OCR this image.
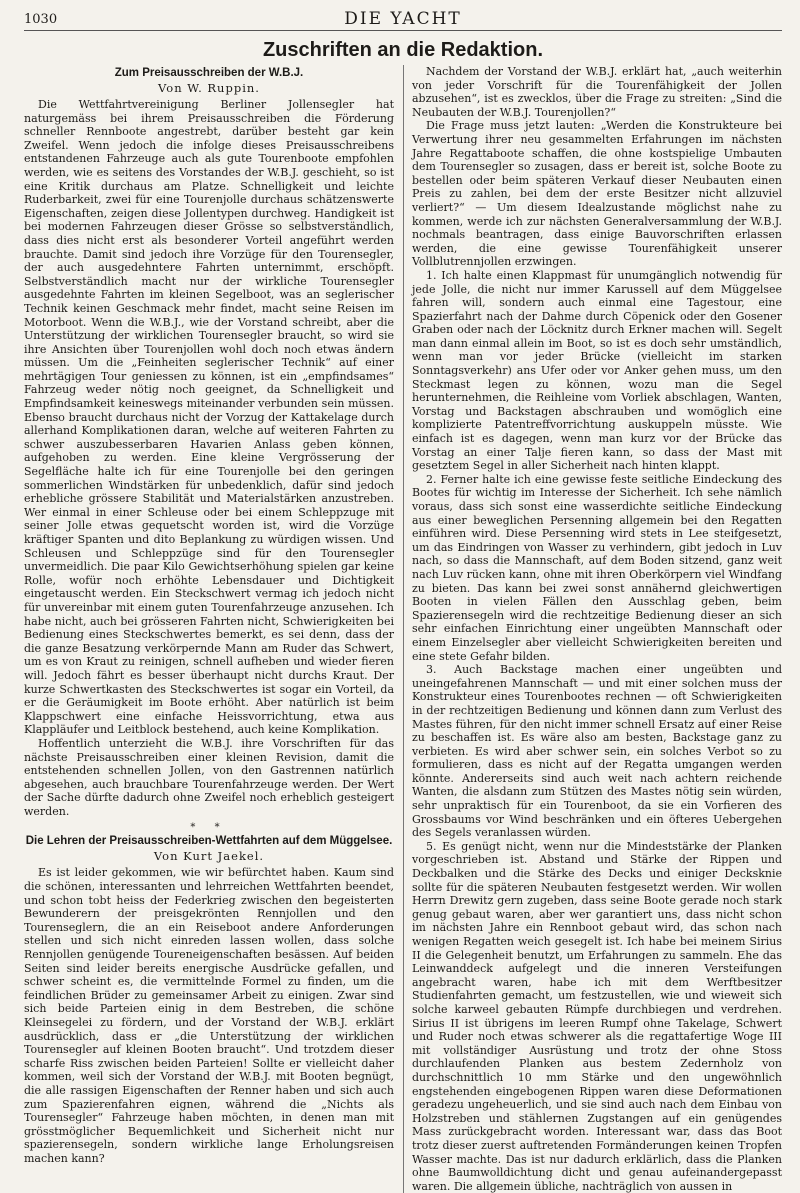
1030	DIE YACHT
Zuschriften an die Redaktion.
Zum Preisausschreiben der W.B.J.
Von W. Ruppin.

Die Wettfahrtvereinigung Berliner Jollensegler hat naturgemäss bei ihrem Preisausschreiben die Förderung schneller Rennboote angestrebt, darüber besteht gar kein Zweifel. Wenn jedoch die infolge dieses Preisausschreibens entstandenen Fahrzeuge auch als gute Tourenboote empfohlen werden, wie es seitens des Vorstandes der W.B.J. geschieht, so ist eine Kritik durchaus am Platze. Schnelligkeit und leichte Ruderbarkeit, zwei für eine Tourenjolle durchaus schätzenswerte Eigenschaften, zeigen diese Jollentypen durchweg. Handigkeit ist bei modernen Fahrzeugen dieser Grösse so selbstverständlich, dass dies nicht erst als besonderer Vorteil angeführt werden brauchte. Damit sind jedoch ihre Vorzüge für den Tourensegler, der auch ausgedehntere Fahrten unternimmt, erschöpft. Selbstverständlich macht nur der wirkliche Tourensegler ausgedehnte Fahrten im kleinen Segelboot, was an seglerischer Technik keinen Geschmack mehr findet, macht seine Reisen im Motorboot. Wenn die W.B.J., wie der Vorstand schreibt, aber die Unterstützung der wirklichen Tourensegler braucht, so wird sie ihre Ansichten über Tourenjollen wohl doch noch etwas ändern müssen. Um die „Feinheiten seglerischer Technik“ auf einer mehrtägigen Tour geniessen zu können, ist ein „empfindsames“ Fahrzeug weder nötig noch geeignet, da Schnelligkeit und Empfindsamkeit keineswegs miteinander verbunden sein müssen. Ebenso braucht durchaus nicht der Vorzug der Kattakelage durch allerhand Komplikationen daran, welche auf weiteren Fahrten zu schwer auszubesserbaren Havarien Anlass geben können, aufgehoben zu werden. Eine kleine Vergrösserung der Segelfläche halte ich für eine Tourenjolle bei den geringen sommerlichen Windstärken für unbedenklich, dafür sind jedoch erhebliche grössere Stabilität und Materialstärken anzustreben. Wer einmal in einer Schleuse oder bei einem Schleppzuge mit seiner Jolle etwas gequetscht worden ist, wird die Vorzüge kräftiger Spanten und dito Beplankung zu würdigen wissen. Und Schleusen und Schleppzüge sind für den Tourensegler unvermeidlich. Die paar Kilo Gewichtserhöhung spielen gar keine Rolle, wofür noch erhöhte Lebensdauer und Dichtigkeit eingetauscht werden. Ein Steckschwert vermag ich jedoch nicht für unvereinbar mit einem guten Tourenfahrzeuge anzusehen. Ich habe nicht, auch bei grösseren Fahrten nicht, Schwierigkeiten bei Bedienung eines Steckschwertes bemerkt, es sei denn, dass der die ganze Besatzung verkörpernde Mann am Ruder das Schwert, um es von Kraut zu reinigen, schnell aufheben und wieder fieren will. Jedoch fährt es besser überhaupt nicht durchs Kraut. Der kurze Schwertkasten des Steckschwertes ist sogar ein Vorteil, da er die Geräumigkeit im Boote erhöht. Aber natürlich ist beim Klappschwert eine einfache Heissvorrichtung, etwa aus Klappläufer und Leitblock bestehend, auch keine Komplikation.

Hoffentlich unterzieht die W.B.J. ihre Vorschriften für das nächste Preisausschreiben einer kleinen Revision, damit die entstehenden schnellen Jollen, von den Gastrennen natürlich abgesehen, auch brauchbare Tourenfahrzeuge werden. Der Wert der Sache dürfte dadurch ohne Zweifel noch erheblich gesteigert werden.

* *
Die Lehren der Preisausschreiben-Wettfahrten auf dem Müggelsee.
Von Kurt Jaekel.

Es ist leider gekommen, wie wir befürchtet haben. Kaum sind die schönen, interessanten und lehrreichen Wettfahrten beendet, und schon tobt heiss der Federkrieg zwischen den begeisterten Bewunderern der preisgekrönten Rennjollen und den Tourenseglern, die an ein Reiseboot andere Anforderungen stellen und sich nicht einreden lassen wollen, dass solche Rennjollen genügende Toureneigenschaften besässen. Auf beiden Seiten sind leider bereits energische Ausdrücke gefallen, und schwer scheint es, die vermittelnde Formel zu finden, um die feindlichen Brüder zu gemeinsamer Arbeit zu einigen. Zwar sind sich beide Parteien einig in dem Bestreben, die schöne Kleinsegelei zu fördern, und der Vorstand der W.B.J. erklärt ausdrücklich, dass er „die Unterstützung der wirklichen Tourensegler auf kleinen Booten braucht“. Und trotzdem dieser scharfe Riss zwischen beiden Parteien! Sollte er vielleicht daher kommen, weil sich der Vorstand der W.B.J. mit Booten begnügt, die alle rassigen Eigenschaften der Renner haben und sich auch zum Spazierenfahren eignen, während die „Nichts als Tourensegler“ Fahrzeuge haben möchten, in denen man mit grösstmöglicher Bequemlichkeit und Sicherheit nicht nur spazierensegeln, sondern wirkliche lange Erholungsreisen machen kann?

Nachdem der Vorstand der W.B.J. erklärt hat, „auch weiterhin von jeder Vorschrift für die Tourenfähigkeit der Jollen abzusehen“, ist es zwecklos, über die Frage zu streiten: „Sind die Neubauten der W.B.J. Tourenjollen?“

Die Frage muss jetzt lauten: „Werden die Konstrukteure bei Verwertung ihrer neu gesammelten Erfahrungen im nächsten Jahre Regattaboote schaffen, die ohne kostspielige Umbauten dem Tourensegler so zusagen, dass er bereit ist, solche Boote zu bestellen oder beim späteren Verkauf dieser Neubauten einen Preis zu zahlen, bei dem der erste Besitzer nicht allzuviel verliert?“ — Um diesem Idealzustande möglichst nahe zu kommen, werde ich zur nächsten Generalversammlung der W.B.J. nochmals beantragen, dass einige Bauvorschriften erlassen werden, die eine gewisse Tourenfähigkeit unserer Vollblutrennjollen erzwingen.

1. Ich halte einen Klappmast für unumgänglich notwendig für jede Jolle, die nicht nur immer Karussell auf dem Müggelsee fahren will, sondern auch einmal eine Tagestour, eine Spazierfahrt nach der Dahme durch Cöpenick oder den Gosener Graben oder nach der Löcknitz durch Erkner machen will. Segelt man dann einmal allein im Boot, so ist es doch sehr umständlich, wenn man vor jeder Brücke (vielleicht im starken Sonntagsverkehr) ans Ufer oder vor Anker gehen muss, um den Steckmast legen zu können, wozu man die Segel herunternehmen, die Reihleine vom Vorliek abschlagen, Wanten, Vorstag und Backstagen abschrauben und womöglich eine komplizierte Patentreffvorrichtung auskuppeln müsste. Wie einfach ist es dagegen, wenn man kurz vor der Brücke das Vorstag an einer Talje fieren kann, so dass der Mast mit gesetztem Segel in aller Sicherheit nach hinten klappt.

2. Ferner halte ich eine gewisse feste seitliche Eindeckung des Bootes für wichtig im Interesse der Sicherheit. Ich sehe nämlich voraus, dass sich sonst eine wasserdichte seitliche Eindeckung aus einer beweglichen Persenning allgemein bei den Regatten einführen wird. Diese Persenning wird stets in Lee steifgesetzt, um das Eindringen von Wasser zu verhindern, gibt jedoch in Luv nach, so dass die Mannschaft, auf dem Boden sitzend, ganz weit nach Luv rücken kann, ohne mit ihren Oberkörpern viel Windfang zu bieten. Das kann bei zwei sonst annähernd gleichwertigen Booten in vielen Fällen den Ausschlag geben, beim Spazierensegeln wird die rechtzeitige Bedienung dieser an sich sehr einfachen Einrichtung einer ungeübten Mannschaft oder einem Einzelsegler aber vielleicht Schwierigkeiten bereiten und eine stete Gefahr bilden.

3. Auch Backstage machen einer ungeübten und uneingefahrenen Mannschaft — und mit einer solchen muss der Konstrukteur eines Tourenbootes rechnen — oft Schwierigkeiten in der rechtzeitigen Bedienung und können dann zum Verlust des Mastes führen, für den nicht immer schnell Ersatz auf einer Reise zu beschaffen ist. Es wäre also am besten, Backstage ganz zu verbieten. Es wird aber schwer sein, ein solches Verbot so zu formulieren, dass es nicht auf der Regatta umgangen werden könnte. Andererseits sind auch weit nach achtern reichende Wanten, die alsdann zum Stützen des Mastes nötig sein würden, sehr unpraktisch für ein Tourenboot, da sie ein Vorfieren des Grossbaums vor Wind beschränken und ein öfteres Uebergehen des Segels veranlassen würden.

5. Es genügt nicht, wenn nur die Mindeststärke der Planken vorgeschrieben ist. Abstand und Stärke der Rippen und Deckbalken und die Stärke des Decks und einiger Decksknie sollte für die späteren Neubauten festgesetzt werden. Wir wollen Herrn Drewitz gern zugeben, dass seine Boote gerade noch stark genug gebaut waren, aber wer garantiert uns, dass nicht schon im nächsten Jahre ein Rennboot gebaut wird, das schon nach wenigen Regatten weich gesegelt ist. Ich habe bei meinem Sirius II die Gelegenheit benutzt, um Erfahrungen zu sammeln. Ehe das Leinwanddeck aufgelegt und die inneren Versteifungen angebracht waren, habe ich mit dem Werftbesitzer Studienfahrten gemacht, um festzustellen, wie und wieweit sich solche karweel gebauten Rümpfe durchbiegen und verdrehen. Sirius II ist übrigens im leeren Rumpf ohne Takelage, Schwert und Ruder noch etwas schwerer als die regattafertige Woge III mit vollständiger Ausrüstung und trotz der ohne Stoss durchlaufenden Planken aus bestem Zedernholz von durchschnittlich 10 mm Stärke und den ungewöhnlich engstehenden eingebogenen Rippen waren diese Deformationen geradezu ungeheuerlich, und sie sind auch nach dem Einbau von Holzstreben und stählernen Zugstangen auf ein genügendes Mass zurückgebracht worden. Interessant war, dass das Boot trotz dieser zuerst auftretenden Formänderungen keinen Tropfen Wasser machte. Das ist nur dadurch erklärlich, dass die Planken ohne Baumwolldichtung dicht und genau aufeinandergepasst waren. Die allgemein übliche, nachträglich von aussen in
